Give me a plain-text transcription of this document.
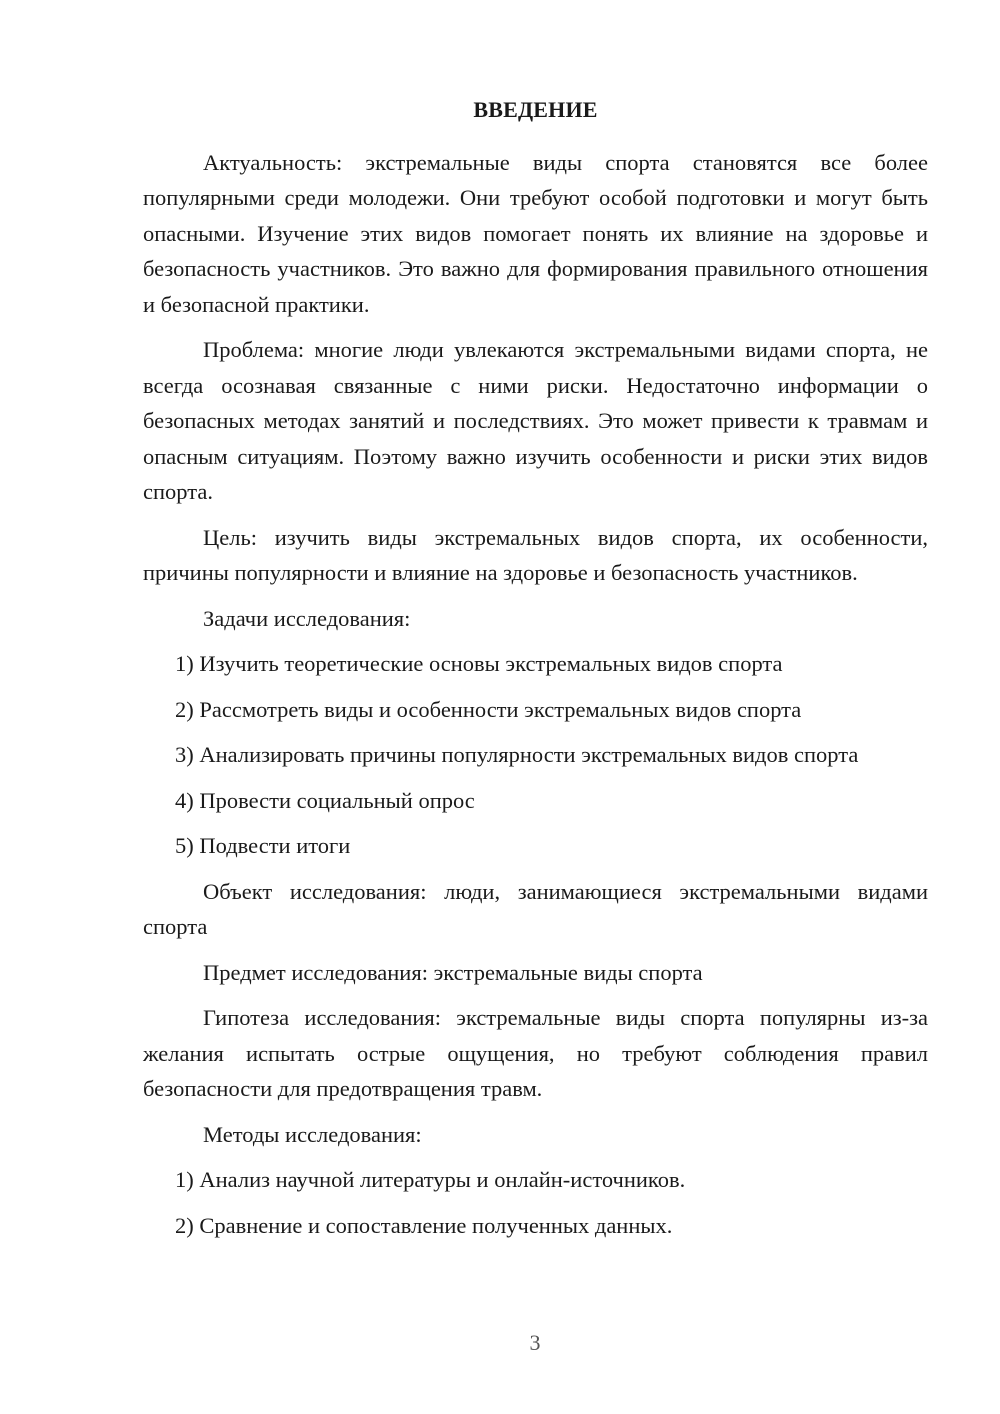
ВВЕДЕНИЕ

Актуальность: экстремальные виды спорта становятся все более популярными среди молодежи. Они требуют особой подготовки и могут быть опасными. Изучение этих видов помогает понять их влияние на здоровье и безопасность участников. Это важно для формирования правильного отношения и безопасной практики.

Проблема: многие люди увлекаются экстремальными видами спорта, не всегда осознавая связанные с ними риски. Недостаточно информации о безопасных методах занятий и последствиях. Это может привести к травмам и опасным ситуациям. Поэтому важно изучить особенности и риски этих видов спорта.

Цель: изучить виды экстремальных видов спорта, их особенности, причины популярности и влияние на здоровье и безопасность участников.

Задачи исследования:

1) Изучить теоретические основы экстремальных видов спорта

2) Рассмотреть виды и особенности экстремальных видов спорта

3) Анализировать причины популярности экстремальных видов спорта

4) Провести социальный опрос

5) Подвести итоги

Объект исследования: люди, занимающиеся экстремальными видами спорта

Предмет исследования: экстремальные виды спорта

Гипотеза исследования: экстремальные виды спорта популярны из-за желания испытать острые ощущения, но требуют соблюдения правил безопасности для предотвращения травм.

Методы исследования:

1) Анализ научной литературы и онлайн-источников.

2) Сравнение и сопоставление полученных данных.

3
